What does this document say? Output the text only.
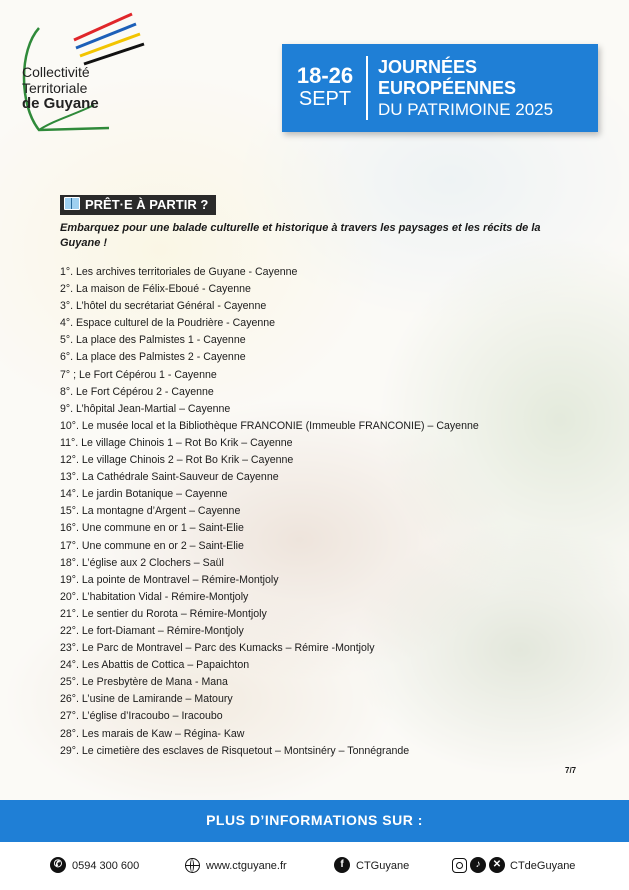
Collectivité
Territoriale
de Guyane
18-26
SEPT
JOURNÉES
EUROPÉENNES
DU PATRIMOINE 2025
PRÊT·E À PARTIR ?
Embarquez pour une balade culturelle et historique à travers les paysages et les récits de la Guyane !
1°. Les archives territoriales de Guyane - Cayenne
2°. La maison de Félix-Eboué - Cayenne
3°. L’hôtel du secrétariat Général - Cayenne
4°. Espace culturel de la Poudrière - Cayenne
5°. La place des Palmistes 1 - Cayenne
6°. La place des Palmistes 2 - Cayenne
7° ; Le Fort Cépérou 1 - Cayenne
8°. Le Fort Cépérou 2 - Cayenne
9°. L’hôpital Jean-Martial – Cayenne
10°. Le musée local et la Bibliothèque FRANCONIE (Immeuble FRANCONIE) – Cayenne
11°. Le village Chinois 1 – Rot Bo Krik – Cayenne
12°. Le village Chinois 2 – Rot Bo Krik – Cayenne
13°. La Cathédrale Saint-Sauveur de Cayenne
14°. Le jardin Botanique – Cayenne
15°. La montagne d’Argent – Cayenne
16°. Une commune en or 1 – Saint-Elie
17°. Une commune en or 2 – Saint-Elie
18°. L’église aux 2 Clochers – Saül
19°. La pointe de Montravel – Rémire-Montjoly
20°. L’habitation Vidal - Rémire-Montjoly
21°. Le sentier du Rorota – Rémire-Montjoly
22°. Le fort-Diamant – Rémire-Montjoly
23°. Le Parc de Montravel – Parc des Kumacks – Rémire -Montjoly
24°. Les Abattis de Cottica – Papaichton
25°. Le Presbytère de Mana - Mana
26°. L’usine de Lamirande – Matoury
27°. L’église d’Iracoubo – Iracoubo
28°. Les marais de Kaw – Régina- Kaw
29°. Le cimetière des esclaves de Risquetout – Montsinéry – Tonnégrande
7/7
PLUS D’INFORMATIONS SUR :
✆ 0594 300 600	www.ctguyane.fr	f	CTGuyane	♪	✕ CTdeGuyane
